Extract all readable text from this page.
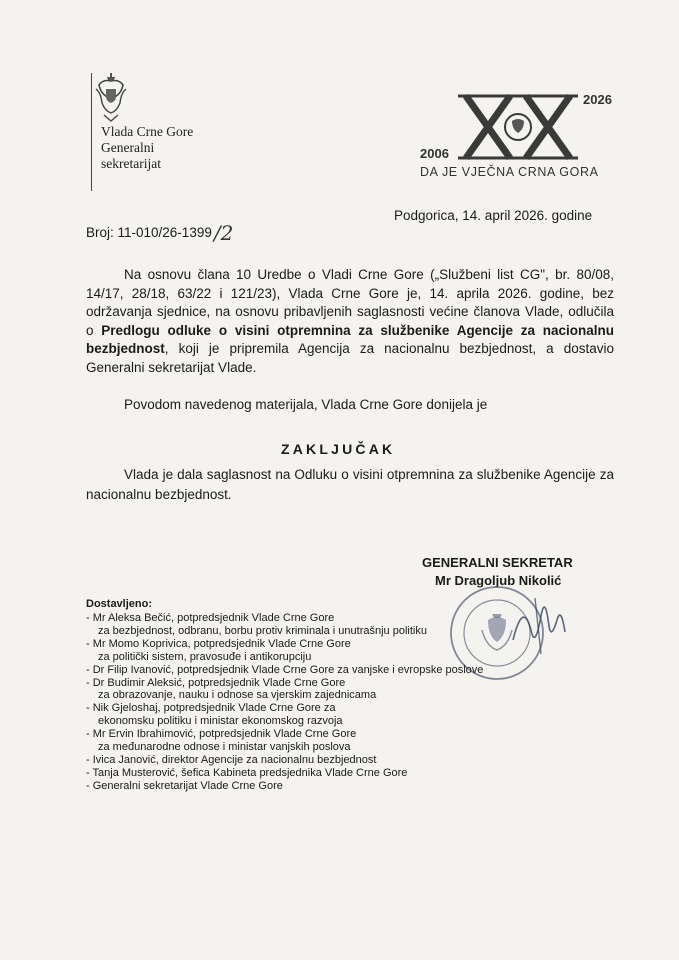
Vlada Crne Gore
Generalni
sekretarijat
2026
2006
DA JE VJEČNA CRNA GORA
Broj: 11-010/26-1399 /2
Podgorica, 14. april 2026. godine

Na osnovu člana 10 Uredbe o Vladi Crne Gore („Službeni list CG", br. 80/08, 14/17, 28/18, 63/22 i 121/23), Vlada Crne Gore je, 14. aprila 2026. godine, bez održavanja sjednice, na osnovu pribavljenih saglasnosti većine članova Vlade, odlučila o Predlogu odluke o visini otpremnina za službenike Agencije za nacionalnu bezbjednost, koji je pripremila Agencija za nacionalnu bezbjednost, a dostavio Generalni sekretarijat Vlade.

Povodom navedenog materijala, Vlada Crne Gore donijela je
ZAKLJUČAK

Vlada je dala saglasnost na Odluku o visini otpremnina za službenike Agencije za nacionalnu bezbjednost.

GENERALNI SEKRETAR
Mr Dragoljub Nikolić
Dostavljeno:
- Mr Aleksa Bečić, potpredsjednik Vlade Crne Gore
za bezbjednost, odbranu, borbu protiv kriminala i unutrašnju politiku
- Mr Momo Koprivica, potpredsjednik Vlade Crne Gore
za politički sistem, pravosuđe i antikorupciju
- Dr Filip Ivanović, potpredsjednik Vlade Crne Gore za vanjske i evropske poslove
- Dr Budimir Aleksić, potpredsjednik Vlade Crne Gore
za obrazovanje, nauku i odnose sa vjerskim zajednicama
- Nik Gjeloshaj, potpredsjednik Vlade Crne Gore za
ekonomsku politiku i ministar ekonomskog razvoja
- Mr Ervin Ibrahimović, potpredsjednik Vlade Crne Gore
za međunarodne odnose i ministar vanjskih poslova
- Ivica Janović, direktor Agencije za nacionalnu bezbjednost
- Tanja Musterović, šefica Kabineta predsjednika Vlade Crne Gore
- Generalni sekretarijat Vlade Crne Gore
